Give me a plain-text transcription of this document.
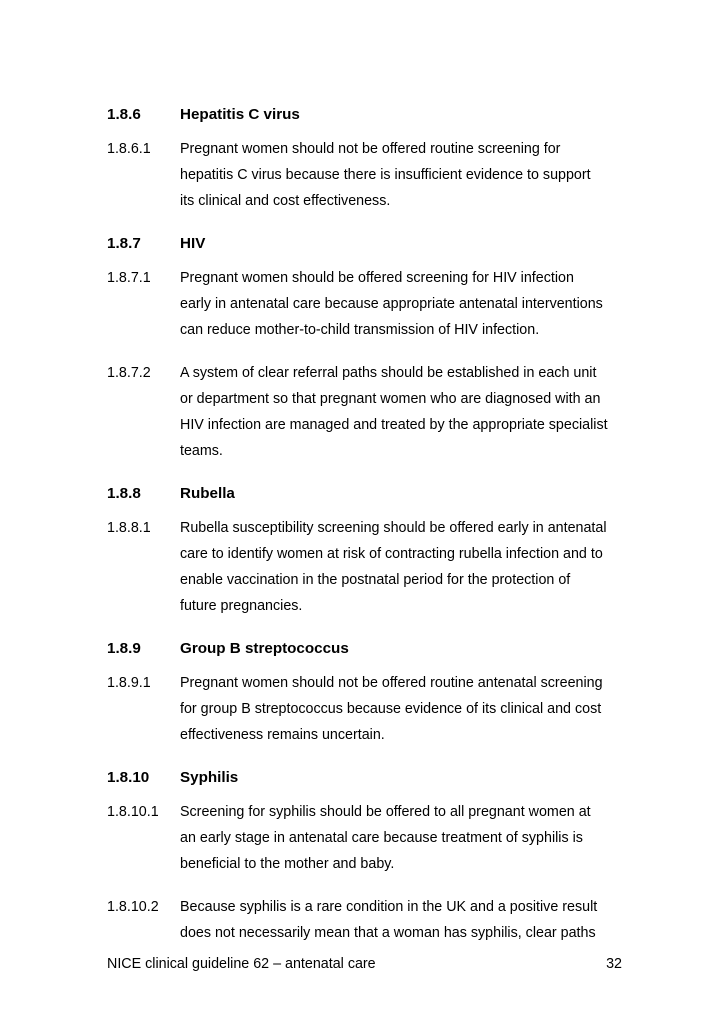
1.8.6	Hepatitis C virus
1.8.6.1	Pregnant women should not be offered routine screening for
hepatitis C virus because there is insufficient evidence to support
its clinical and cost effectiveness.
1.8.7	HIV
1.8.7.1	Pregnant women should be offered screening for HIV infection
early in antenatal care because appropriate antenatal interventions
can reduce mother-to-child transmission of HIV infection.
1.8.7.2	A system of clear referral paths should be established in each unit
or department so that pregnant women who are diagnosed with an
HIV infection are managed and treated by the appropriate specialist
teams.
1.8.8	Rubella
1.8.8.1	Rubella susceptibility screening should be offered early in antenatal
care to identify women at risk of contracting rubella infection and to
enable vaccination in the postnatal period for the protection of
future pregnancies.
1.8.9	Group B streptococcus
1.8.9.1	Pregnant women should not be offered routine antenatal screening
for group B streptococcus because evidence of its clinical and cost
effectiveness remains uncertain.
1.8.10	Syphilis
1.8.10.1	Screening for syphilis should be offered to all pregnant women at
an early stage in antenatal care because treatment of syphilis is
beneficial to the mother and baby.
1.8.10.2	Because syphilis is a rare condition in the UK and a positive result
does not necessarily mean that a woman has syphilis, clear paths
NICE clinical guideline 62 – antenatal care	32
